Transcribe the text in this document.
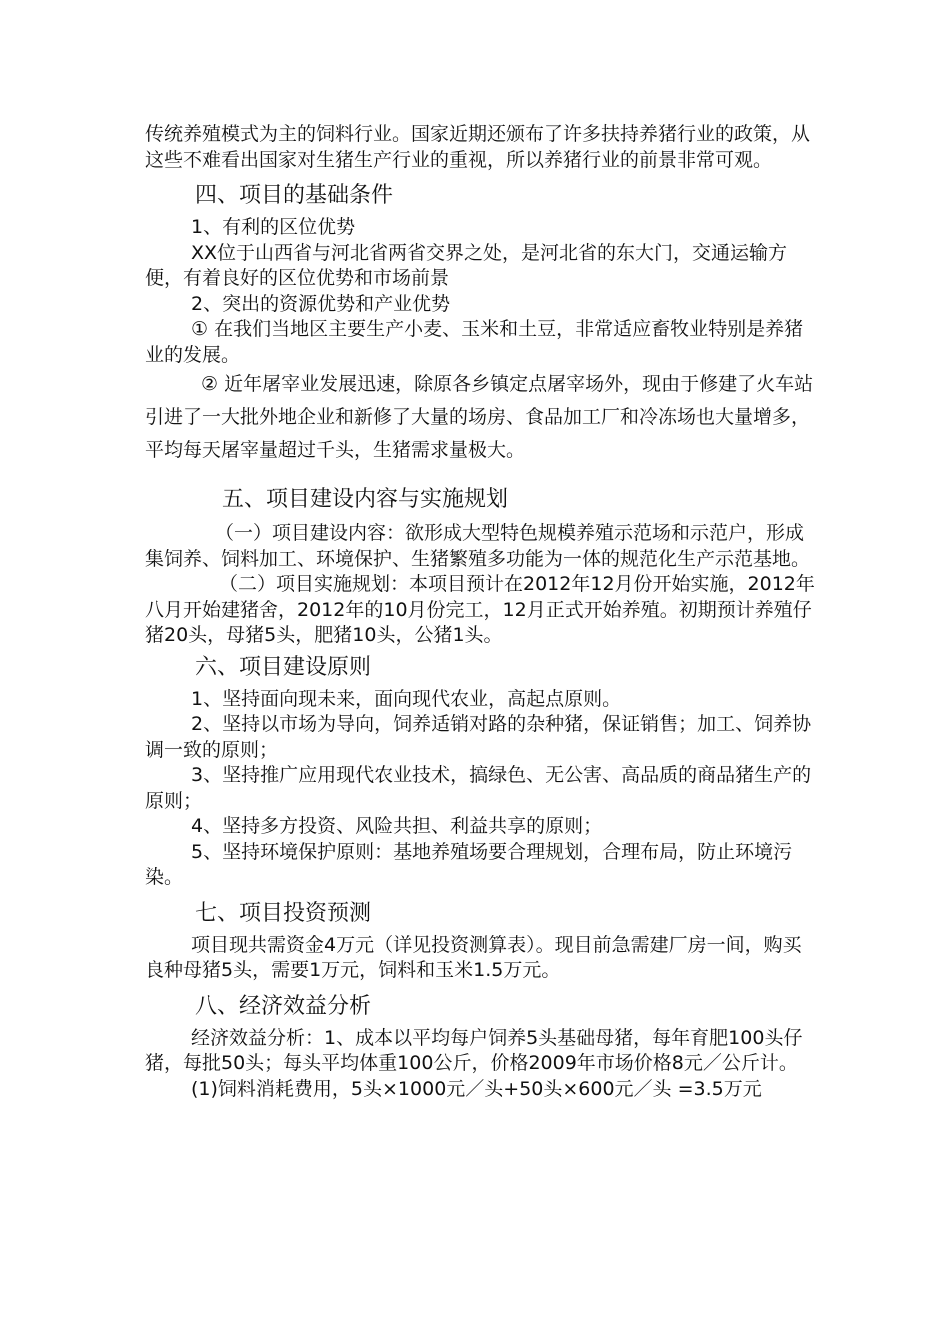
传统养殖模式为主的饲料行业。国家近期还颁布了许多扶持养猪行业的政策，从这些不难看出国家对生猪生产行业的重视，所以养猪行业的前景非常可观。

四、项目的基础条件

1、有利的区位优势

XX位于山西省与河北省两省交界之处，是河北省的东大门，交通运输方便，有着良好的区位优势和市场前景

2、突出的资源优势和产业优势

① 在我们当地区主要生产小麦、玉米和土豆，非常适应畜牧业特别是养猪业的发展。

② 近年屠宰业发展迅速，除原各乡镇定点屠宰场外，现由于修建了火车站引进了一大批外地企业和新修了大量的场房、食品加工厂和冷冻场也大量增多，平均每天屠宰量超过千头，生猪需求量极大。

五、项目建设内容与实施规划

（一）项目建设内容：欲形成大型特色规模养殖示范场和示范户，形成集饲养、饲料加工、环境保护、生猪繁殖多功能为一体的规范化生产示范基地。

（二）项目实施规划：本项目预计在2012年12月份开始实施，2012年八月开始建猪舍，2012年的10月份完工，12月正式开始养殖。初期预计养殖仔猪20头，母猪5头，肥猪10头，公猪1头。

六、项目建设原则

1、坚持面向现未来，面向现代农业，高起点原则。

2、坚持以市场为导向，饲养适销对路的杂种猪，保证销售；加工、饲养协调一致的原则；

3、坚持推广应用现代农业技术，搞绿色、无公害、高品质的商品猪生产的原则；

4、坚持多方投资、风险共担、利益共享的原则；

5、坚持环境保护原则：基地养殖场要合理规划，合理布局，防止环境污染。

七、项目投资预测

项目现共需资金4万元（详见投资测算表）。现目前急需建厂房一间，购买良种母猪5头，需要1万元，饲料和玉米1.5万元。

八、经济效益分析

经济效益分析：1、成本以平均每户饲养5头基础母猪，每年育肥100头仔猪，每批50头；每头平均体重100公斤，价格2009年市场价格8元／公斤计。

(1)饲料消耗费用，5头×1000元／头+50头×600元／头 =3.5万元
